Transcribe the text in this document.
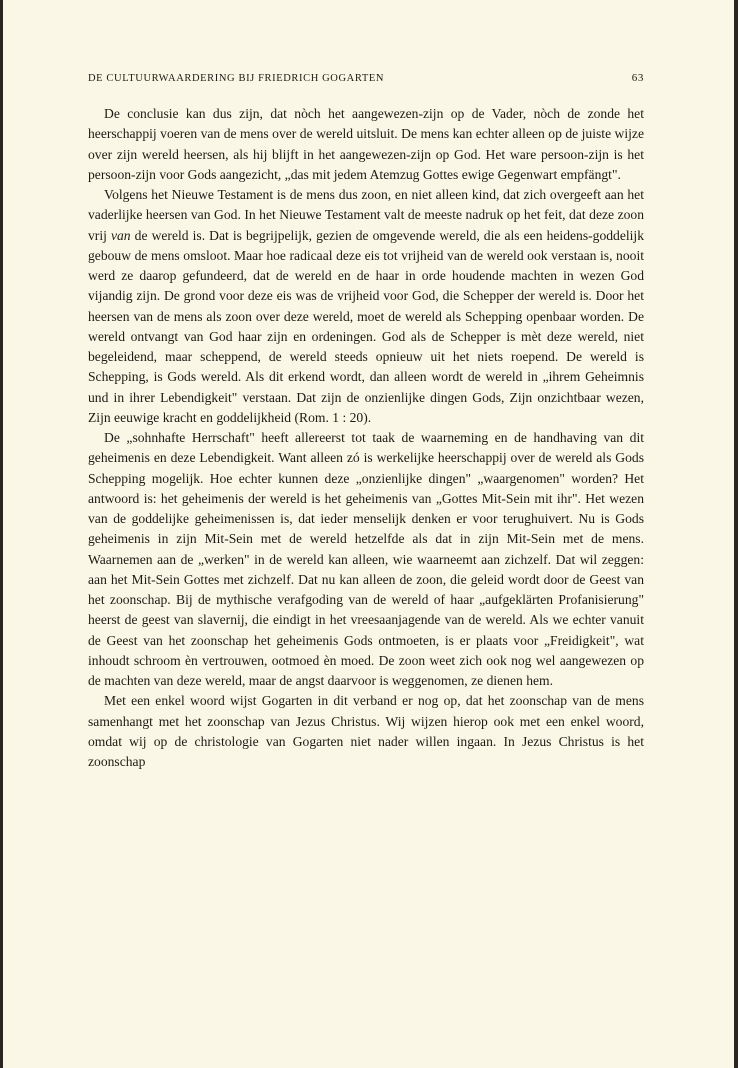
DE CULTUURWAARDERING BIJ FRIEDRICH GOGARTEN	63

De conclusie kan dus zijn, dat nòch het aangewezen-zijn op de Vader, nòch de zonde het heerschappij voeren van de mens over de wereld uitsluit. De mens kan echter alleen op de juiste wijze over zijn wereld heersen, als hij blijft in het aangewezen-zijn op God. Het ware persoon-zijn is het persoon-zijn voor Gods aangezicht, „das mit jedem Atemzug Gottes ewige Gegenwart empfängt".

Volgens het Nieuwe Testament is de mens dus zoon, en niet alleen kind, dat zich overgeeft aan het vaderlijke heersen van God. In het Nieuwe Testament valt de meeste nadruk op het feit, dat deze zoon vrij van de wereld is. Dat is begrijpelijk, gezien de omgevende wereld, die als een heidens-goddelijk gebouw de mens omsloot. Maar hoe radicaal deze eis tot vrijheid van de wereld ook verstaan is, nooit werd ze daarop gefundeerd, dat de wereld en de haar in orde houdende machten in wezen God vijandig zijn. De grond voor deze eis was de vrijheid voor God, die Schepper der wereld is. Door het heersen van de mens als zoon over deze wereld, moet de wereld als Schepping openbaar worden. De wereld ontvangt van God haar zijn en ordeningen. God als de Schepper is mèt deze wereld, niet begeleidend, maar scheppend, de wereld steeds opnieuw uit het niets roepend. De wereld is Schepping, is Gods wereld. Als dit erkend wordt, dan alleen wordt de wereld in „ihrem Geheimnis und in ihrer Lebendigkeit" verstaan. Dat zijn de onzienlijke dingen Gods, Zijn onzichtbaar wezen, Zijn eeuwige kracht en goddelijkheid (Rom. 1 : 20).

De „sohnhafte Herrschaft" heeft allereerst tot taak de waarneming en de handhaving van dit geheimenis en deze Lebendigkeit. Want alleen zó is werkelijke heerschappij over de wereld als Gods Schepping mogelijk. Hoe echter kunnen deze „onzienlijke dingen" „waargenomen" worden? Het antwoord is: het geheimenis der wereld is het geheimenis van „Gottes Mit-Sein mit ihr". Het wezen van de goddelijke geheimenissen is, dat ieder menselijk denken er voor terughuivert. Nu is Gods geheimenis in zijn Mit-Sein met de wereld hetzelfde als dat in zijn Mit-Sein met de mens. Waarnemen aan de „werken" in de wereld kan alleen, wie waarneemt aan zichzelf. Dat wil zeggen: aan het Mit-Sein Gottes met zichzelf. Dat nu kan alleen de zoon, die geleid wordt door de Geest van het zoonschap. Bij de mythische verafgoding van de wereld of haar „aufgeklärten Profanisierung" heerst de geest van slavernij, die eindigt in het vreesaanjagende van de wereld. Als we echter vanuit de Geest van het zoonschap het geheimenis Gods ontmoeten, is er plaats voor „Freidigkeit", wat inhoudt schroom èn vertrouwen, ootmoed èn moed. De zoon weet zich ook nog wel aangewezen op de machten van deze wereld, maar de angst daarvoor is weggenomen, ze dienen hem.

Met een enkel woord wijst Gogarten in dit verband er nog op, dat het zoonschap van de mens samenhangt met het zoonschap van Jezus Christus. Wij wijzen hierop ook met een enkel woord, omdat wij op de christologie van Gogarten niet nader willen ingaan. In Jezus Christus is het zoonschap
